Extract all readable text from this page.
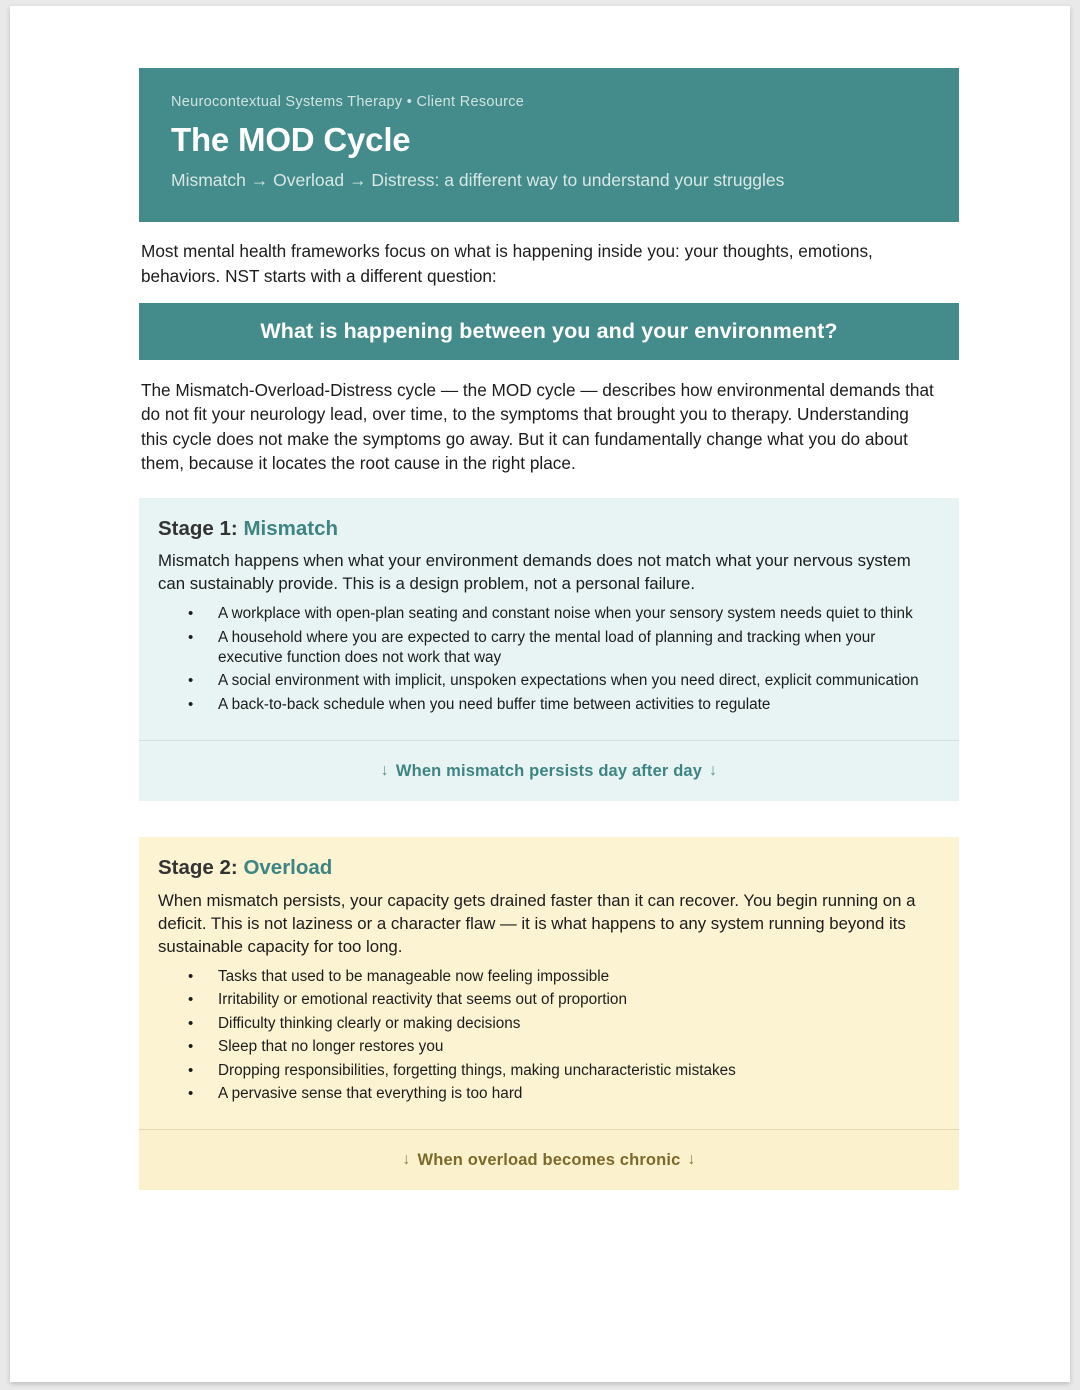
Neurocontextual Systems Therapy • Client Resource
The MOD Cycle
Mismatch → Overload → Distress: a different way to understand your struggles

Most mental health frameworks focus on what is happening inside you: your thoughts, emotions, behaviors. NST starts with a different question:

What is happening between you and your environment?

The Mismatch-Overload-Distress cycle — the MOD cycle — describes how environmental demands that do not fit your neurology lead, over time, to the symptoms that brought you to therapy. Understanding this cycle does not make the symptoms go away. But it can fundamentally change what you do about them, because it locates the root cause in the right place.

Stage 1: Mismatch

Mismatch happens when what your environment demands does not match what your nervous system can sustainably provide. This is a design problem, not a personal failure.

• A workplace with open-plan seating and constant noise when your sensory system needs quiet to think
• A household where you are expected to carry the mental load of planning and tracking when your executive function does not work that way
• A social environment with implicit, unspoken expectations when you need direct, explicit communication
• A back-to-back schedule when you need buffer time between activities to regulate
↓ When mismatch persists day after day ↓
Stage 2: Overload

When mismatch persists, your capacity gets drained faster than it can recover. You begin running on a deficit. This is not laziness or a character flaw — it is what happens to any system running beyond its sustainable capacity for too long.

• Tasks that used to be manageable now feeling impossible
• Irritability or emotional reactivity that seems out of proportion
• Difficulty thinking clearly or making decisions
• Sleep that no longer restores you
• Dropping responsibilities, forgetting things, making uncharacteristic mistakes
• A pervasive sense that everything is too hard
↓ When overload becomes chronic ↓
